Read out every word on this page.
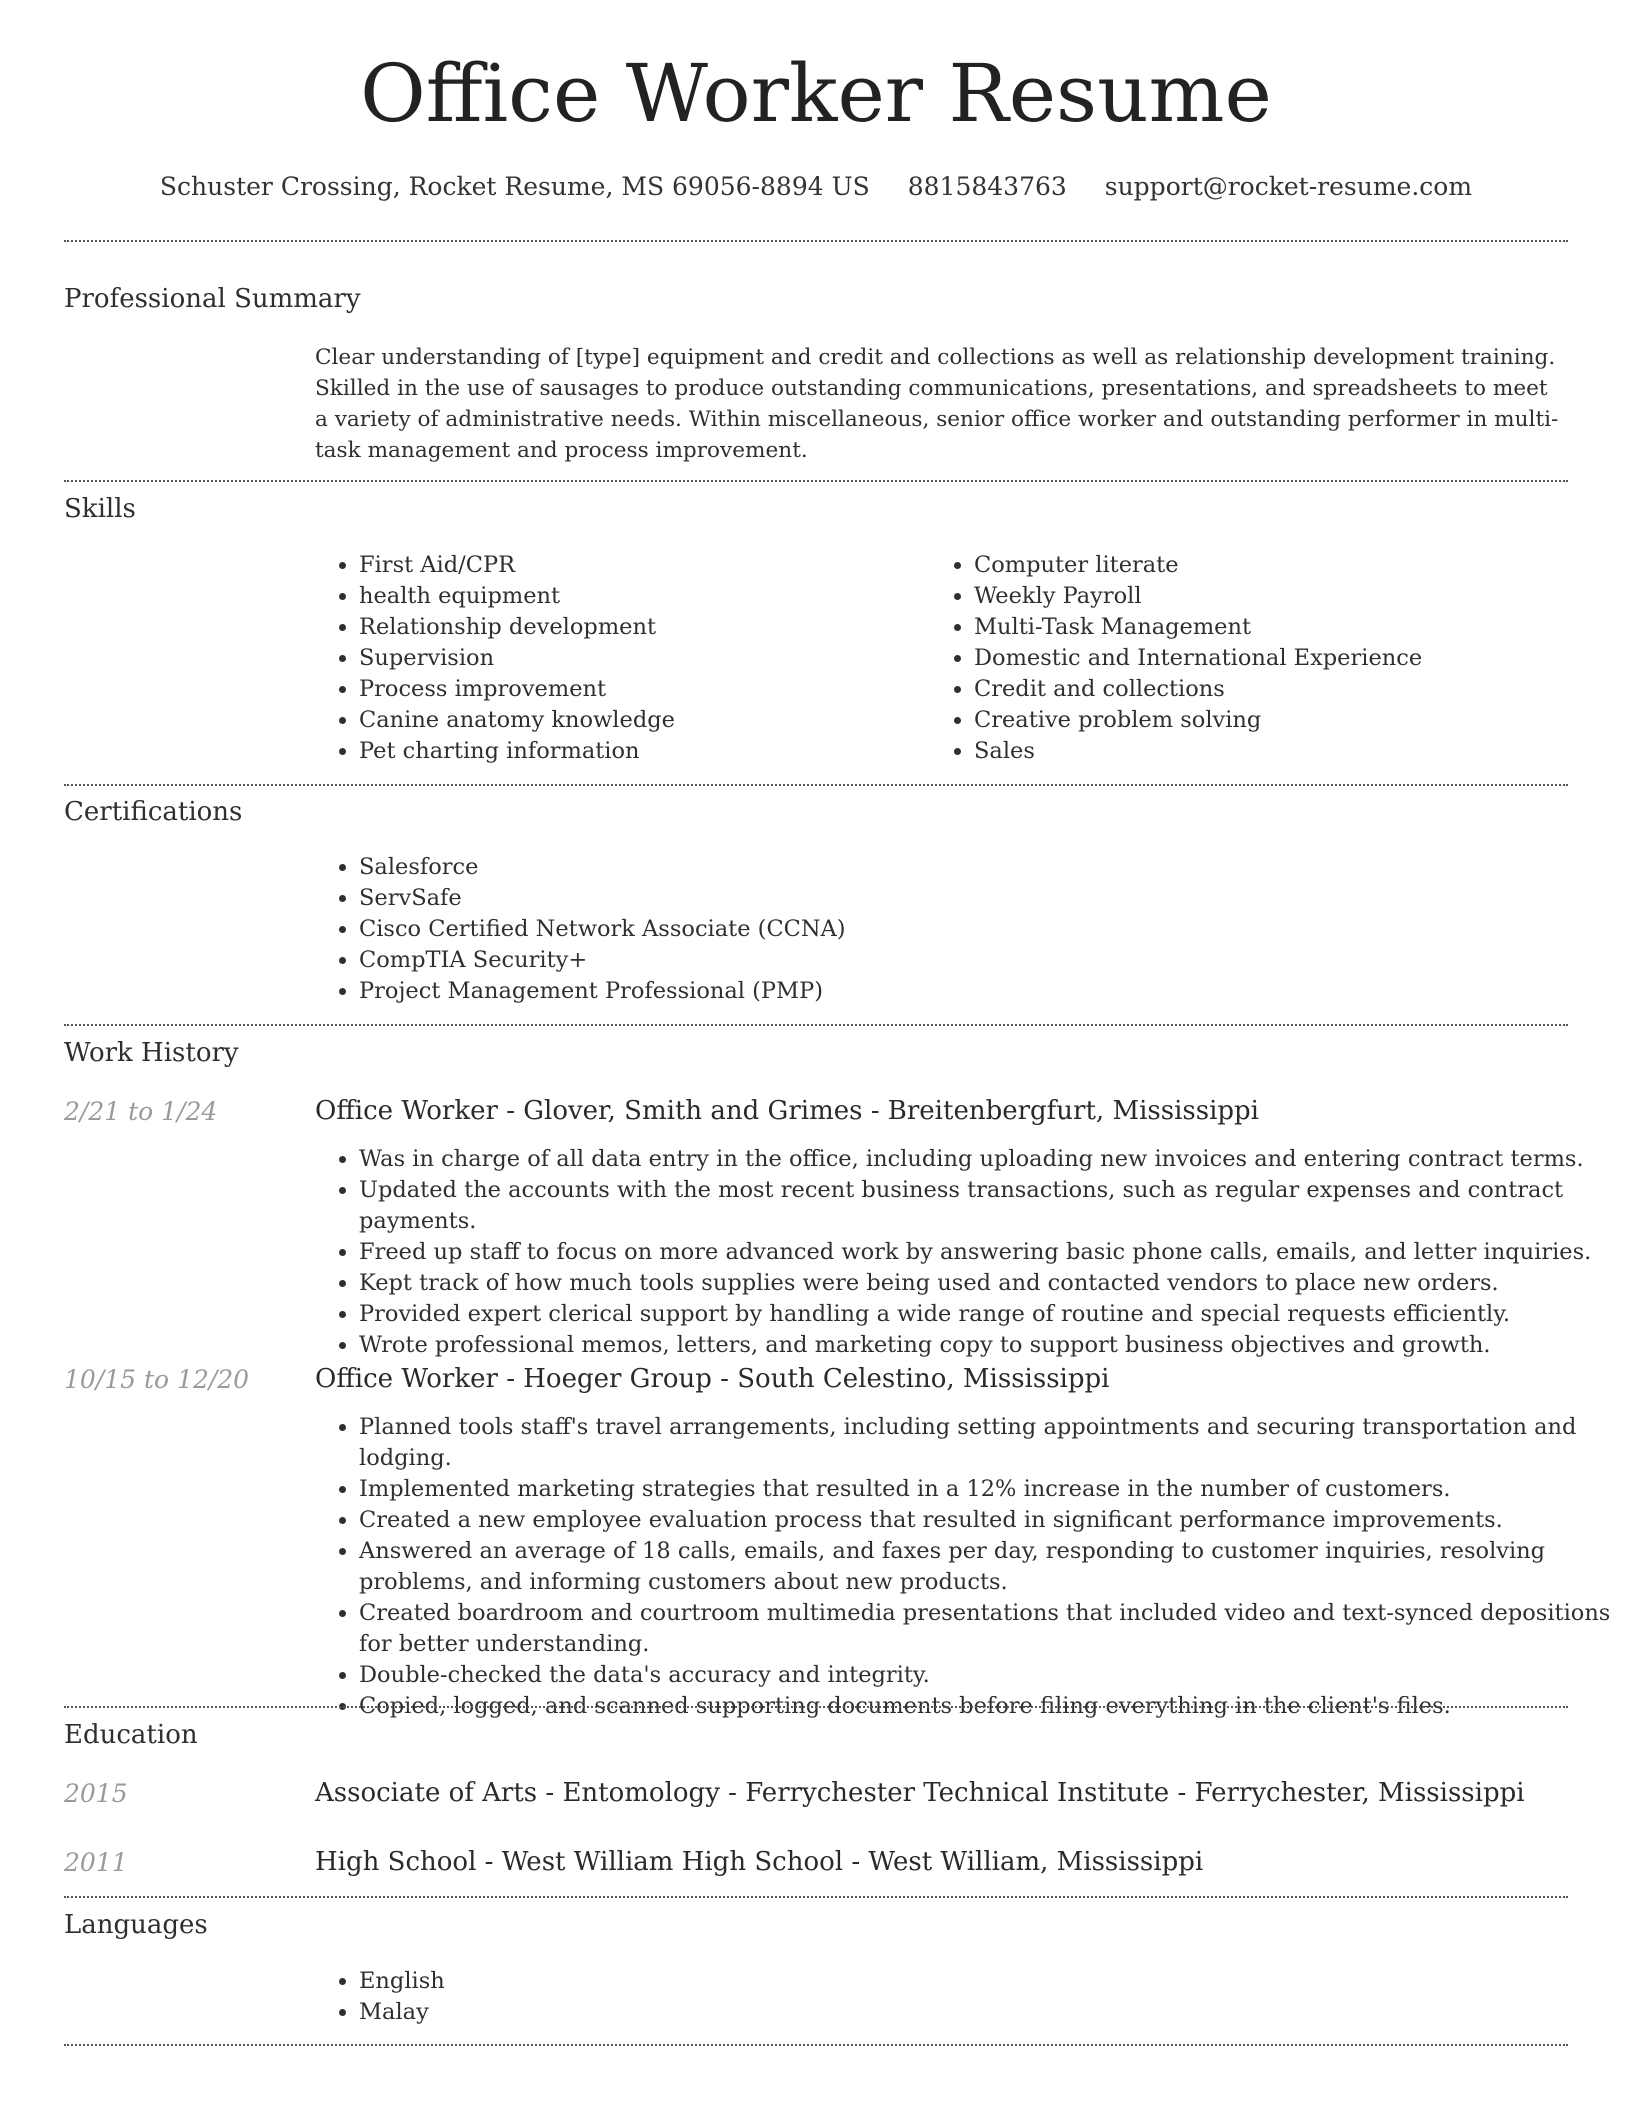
Office Worker Resume
Schuster Crossing, Rocket Resume, MS 69056-8894 US 8815843763 support@rocket-resume.com
Professional Summary

Clear understanding of [type] equipment and credit and collections as well as relationship development training. Skilled in the use of sausages to produce outstanding communications, presentations, and spreadsheets to meet a variety of administrative needs. Within miscellaneous, senior office worker and outstanding performer in multi-task management and process improvement.

Skills
• First Aid/CPR
• health equipment
• Relationship development
• Supervision
• Process improvement
• Canine anatomy knowledge
• Pet charting information
• Computer literate
• Weekly Payroll
• Multi-Task Management
• Domestic and International Experience
• Credit and collections
• Creative problem solving
• Sales
Certifications
• Salesforce
• ServSafe
• Cisco Certified Network Associate (CCNA)
• CompTIA Security+
• Project Management Professional (PMP)
Work History
2/21 to 1/24	Office Worker - Glover, Smith and Grimes - Breitenbergfurt, Mississippi
• Was in charge of all data entry in the office, including uploading new invoices and entering contract terms.
• Updated the accounts with the most recent business transactions, such as regular expenses and contract payments.
• Freed up staff to focus on more advanced work by answering basic phone calls, emails, and letter inquiries.
• Kept track of how much tools supplies were being used and contacted vendors to place new orders.
• Provided expert clerical support by handling a wide range of routine and special requests efficiently.
• Wrote professional memos, letters, and marketing copy to support business objectives and growth.
10/15 to 12/20	Office Worker - Hoeger Group - South Celestino, Mississippi
• Planned tools staff's travel arrangements, including setting appointments and securing transportation and lodging.
• Implemented marketing strategies that resulted in a 12% increase in the number of customers.
• Created a new employee evaluation process that resulted in significant performance improvements.
• Answered an average of 18 calls, emails, and faxes per day, responding to customer inquiries, resolving problems, and informing customers about new products.
• Created boardroom and courtroom multimedia presentations that included video and text-synced depositions for better understanding.
• Double-checked the data's accuracy and integrity.
• Copied, logged, and scanned supporting documents before filing everything in the client's files.
Education
2015	Associate of Arts - Entomology - Ferrychester Technical Institute - Ferrychester, Mississippi
2011	High School - West William High School - West William, Mississippi
Languages
• English
• Malay
